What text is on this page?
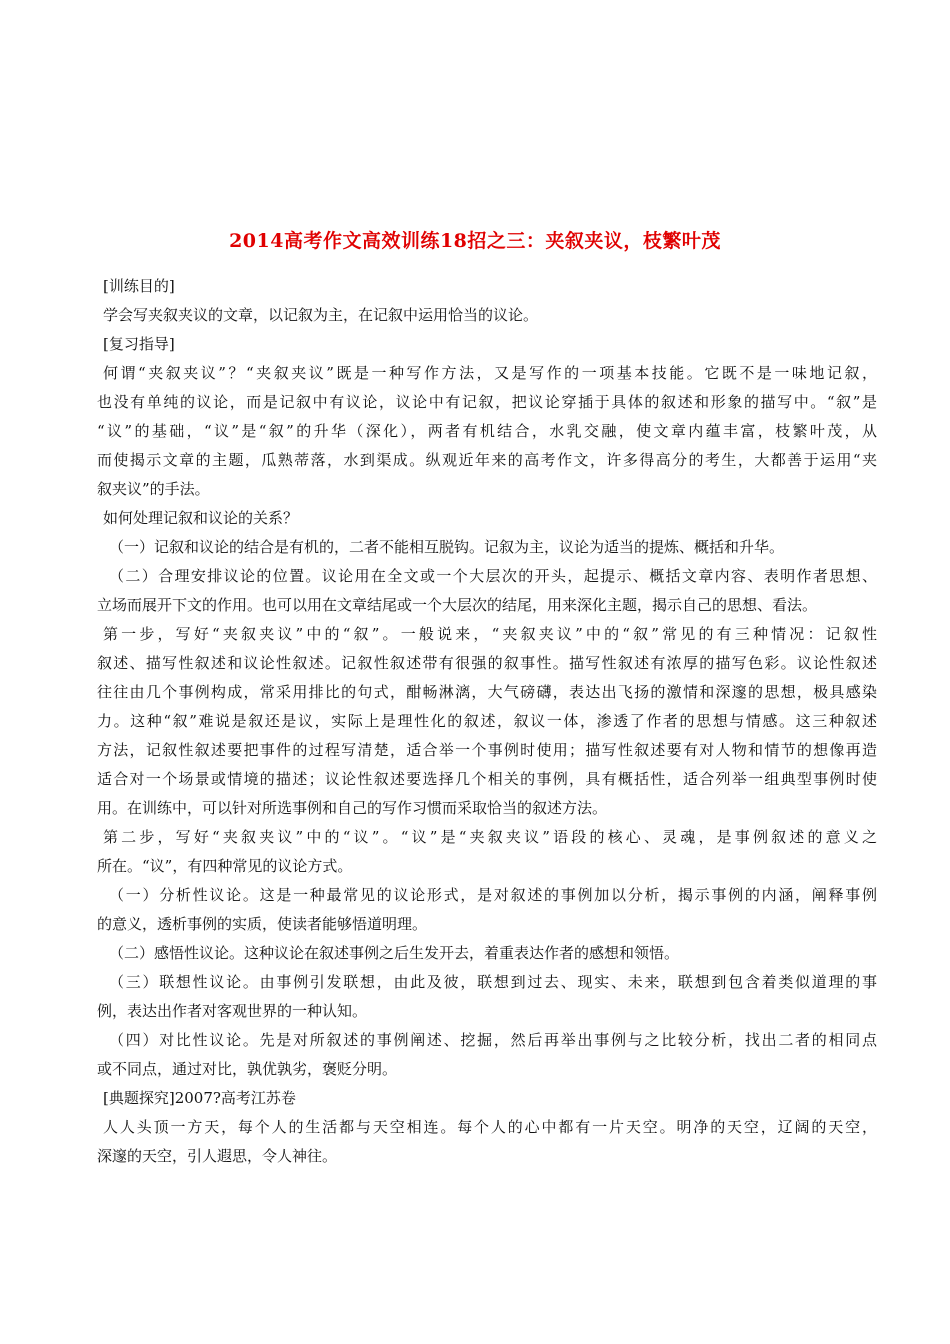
2014高考作文高效训练18招之三：夹叙夹议，枝繁叶茂
[训练目的]
学会写夹叙夹议的文章，以记叙为主，在记叙中运用恰当的议论。
[复习指导]
何谓“夹叙夹议”？“夹叙夹议”既是一种写作方法，又是写作的一项基本技能。它既不是一味地记叙，
也没有单纯的议论，而是记叙中有议论，议论中有记叙，把议论穿插于具体的叙述和形象的描写中。“叙”是
“议”的基础，“议”是“叙”的升华（深化），两者有机结合，水乳交融，使文章内蕴丰富，枝繁叶茂，从
而使揭示文章的主题，瓜熟蒂落，水到渠成。纵观近年来的高考作文，许多得高分的考生，大都善于运用“夹
叙夹议”的手法。
如何处理记叙和议论的关系？
（一）记叙和议论的结合是有机的，二者不能相互脱钩。记叙为主，议论为适当的提炼、概括和升华。
（二）合理安排议论的位置。议论用在全文或一个大层次的开头，起提示、概括文章内容、表明作者思想、
立场而展开下文的作用。也可以用在文章结尾或一个大层次的结尾，用来深化主题，揭示自己的思想、看法。
第一步，写好“夹叙夹议”中的“叙”。一般说来，“夹叙夹议”中的“叙”常见的有三种情况：记叙性
叙述、描写性叙述和议论性叙述。记叙性叙述带有很强的叙事性。描写性叙述有浓厚的描写色彩。议论性叙述
往往由几个事例构成，常采用排比的句式，酣畅淋漓，大气磅礴，表达出飞扬的激情和深邃的思想，极具感染
力。这种“叙”难说是叙还是议，实际上是理性化的叙述，叙议一体，渗透了作者的思想与情感。这三种叙述
方法，记叙性叙述要把事件的过程写清楚，适合举一个事例时使用；描写性叙述要有对人物和情节的想像再造
适合对一个场景或情境的描述；议论性叙述要选择几个相关的事例，具有概括性，适合列举一组典型事例时使
用。在训练中，可以针对所选事例和自己的写作习惯而采取恰当的叙述方法。
第二步，写好“夹叙夹议”中的“议”。“议”是“夹叙夹议”语段的核心、灵魂，是事例叙述的意义之
所在。“议”，有四种常见的议论方式。
（一）分析性议论。这是一种最常见的议论形式，是对叙述的事例加以分析，揭示事例的内涵，阐释事例
的意义，透析事例的实质，使读者能够悟道明理。
（二）感悟性议论。这种议论在叙述事例之后生发开去，着重表达作者的感想和领悟。
（三）联想性议论。由事例引发联想，由此及彼，联想到过去、现实、未来，联想到包含着类似道理的事
例，表达出作者对客观世界的一种认知。
（四）对比性议论。先是对所叙述的事例阐述、挖掘，然后再举出事例与之比较分析，找出二者的相同点
或不同点，通过对比，孰优孰劣，褒贬分明。
[典题探究]2007?高考江苏卷
人人头顶一方天，每个人的生活都与天空相连。每个人的心中都有一片天空。明净的天空，辽阔的天空，
深邃的天空，引人遐思，令人神往。
